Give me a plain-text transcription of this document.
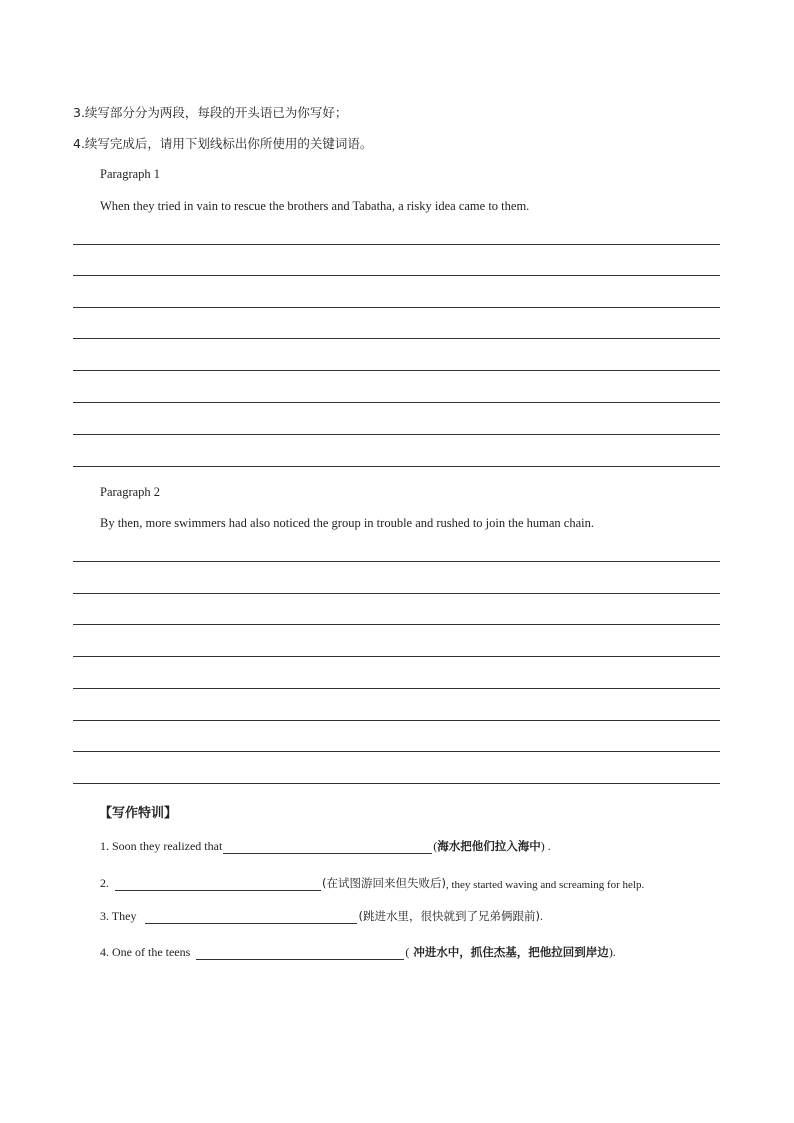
3.续写部分分为两段，每段的开头语已为你写好；
4.续写完成后，请用下划线标出你所使用的关键词语。
Paragraph 1
When they tried in vain to rescue the brothers and Tabatha, a risky idea came to them.
Paragraph 2
By then, more swimmers had also noticed the group in trouble and rushed to join the human chain.
【写作特训】
1. Soon they realized that	( 海水把他们拉入海中 ) .
2.	(在试图游回来但失败后) , they started waving and screaming for help.
3. They	(跳进水里，很快就到了兄弟俩跟前) .
4. One of the teens	( 冲进水中，抓住杰基，把他拉回到岸边 ).
